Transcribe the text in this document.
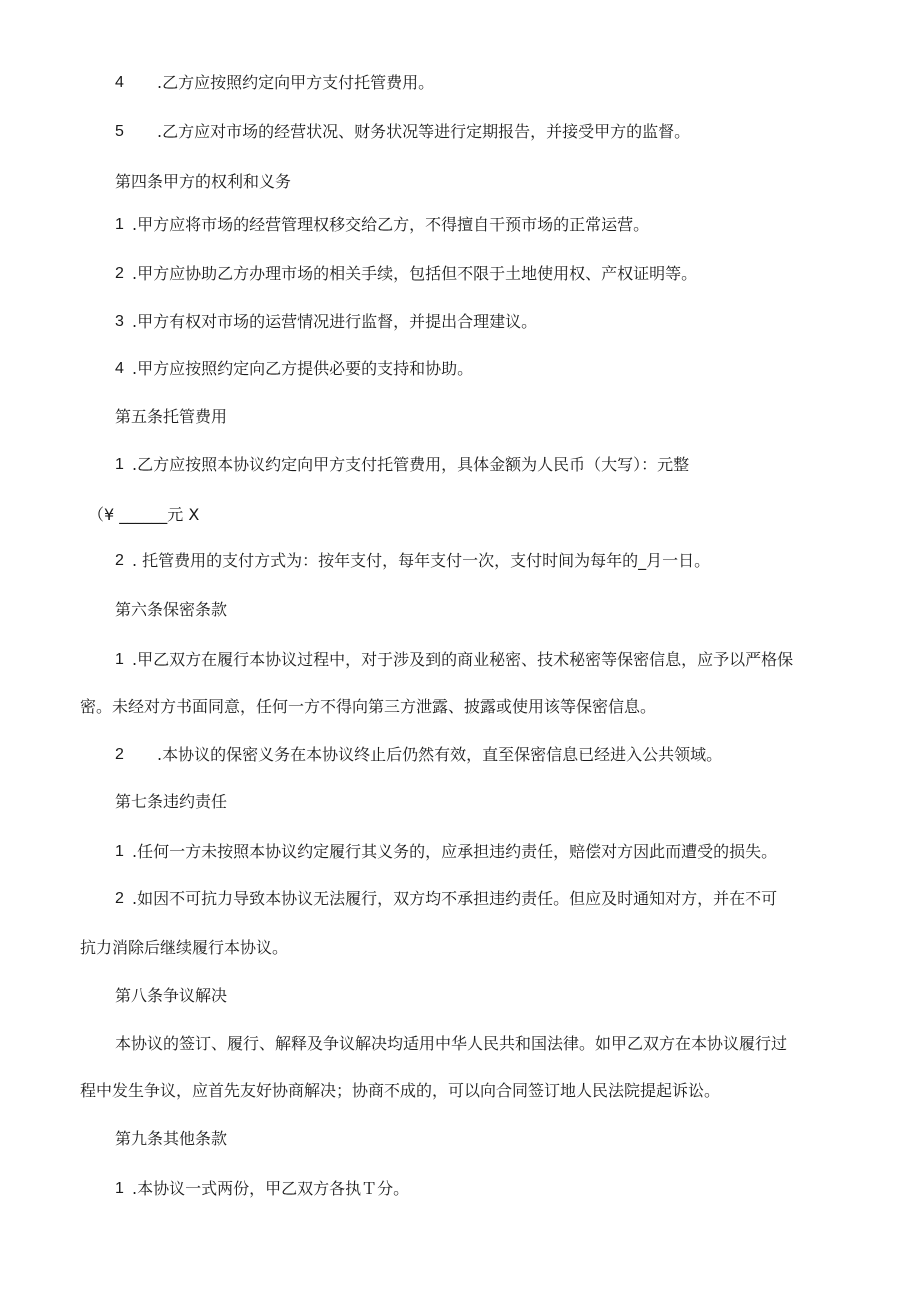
4 .乙方应按照约定向甲方支付托管费用。
5 .乙方应对市场的经营状况、财务状况等进行定期报告，并接受甲方的监督。
第四条甲方的权利和义务
1 .甲方应将市场的经营管理权移交给乙方，不得擅自干预市场的正常运营。
2 .甲方应协助乙方办理市场的相关手续，包括但不限于土地使用权、产权证明等。
3 .甲方有权对市场的运营情况进行监督，并提出合理建议。
4 .甲方应按照约定向乙方提供必要的支持和协助。
第五条托管费用
1 .乙方应按照本协议约定向甲方支付托管费用，具体金额为人民币（大写）：元整
（¥ ______元 X
2 . 托管费用的支付方式为：按年支付，每年支付一次，支付时间为每年的_月一日。
第六条保密条款
1 .甲乙双方在履行本协议过程中，对于涉及到的商业秘密、技术秘密等保密信息，应予以严格保
密。未经对方书面同意，任何一方不得向第三方泄露、披露或使用该等保密信息。
2 .本协议的保密义务在本协议终止后仍然有效，直至保密信息已经进入公共领域。
第七条违约责任
1 .任何一方未按照本协议约定履行其义务的，应承担违约责任，赔偿对方因此而遭受的损失。
2 .如因不可抗力导致本协议无法履行，双方均不承担违约责任。但应及时通知对方，并在不可
抗力消除后继续履行本协议。
第八条争议解决
本协议的签订、履行、解释及争议解决均适用中华人民共和国法律。如甲乙双方在本协议履行过
程中发生争议，应首先友好协商解决；协商不成的，可以向合同签订地人民法院提起诉讼。
第九条其他条款
1 .本协议一式两份，甲乙双方各执Ｔ分。
